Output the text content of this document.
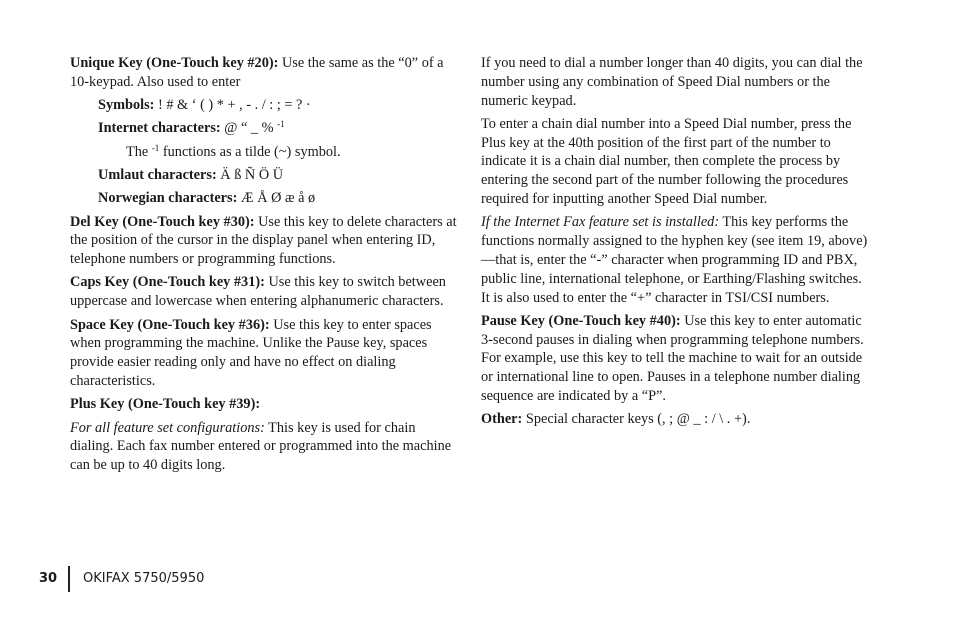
Unique Key (One-Touch key #20): Use the same as the “0” of a 10-keypad. Also used to enter

Symbols: ! # & ‘ ( ) * + , - . / : ; = ? ·
Internet characters: @ “ _ % $^{-1}$
The $^{-1}$ functions as a tilde (~) symbol.
Umlaut characters: Ä ß Ñ Ö Ü
Norwegian characters: Æ Å Ø æ å ø

Del Key (One-Touch key #30): Use this key to delete characters at the position of the cursor in the display panel when entering ID, telephone numbers or programming functions.

Caps Key (One-Touch key #31): Use this key to switch between uppercase and lowercase when entering alphanumeric characters.

Space Key (One-Touch key #36): Use this key to enter spaces when programming the machine. Unlike the Pause key, spaces provide easier reading only and have no effect on dialing characteristics.

Plus Key (One-Touch key #39):

For all feature set configurations: This key is used for chain dialing. Each fax number entered or programmed into the machine can be up to 40 digits long.

If you need to dial a number longer than 40 digits, you can dial the number using any combination of Speed Dial numbers or the numeric keypad.

To enter a chain dial number into a Speed Dial number, press the Plus key at the 40th position of the first part of the number to indicate it is a chain dial number, then complete the process by entering the second part of the number following the procedures required for inputting another Speed Dial number.

If the Internet Fax feature set is installed: This key performs the functions normally assigned to the hyphen key (see item 19, above)—that is, enter the “-” character when programming ID and PBX, public line, international telephone, or Earthing/Flashing switches. It is also used to enter the “+” character in TSI/CSI numbers.

Pause Key (One-Touch key #40): Use this key to enter automatic 3-second pauses in dialing when programming telephone numbers. For example, use this key to tell the machine to wait for an outside or international line to open. Pauses in a telephone number dialing sequence are indicated by a “P”.

Other: Special character keys (, ; @ _ : / \ . +).

30 OKIFAX 5750/5950
